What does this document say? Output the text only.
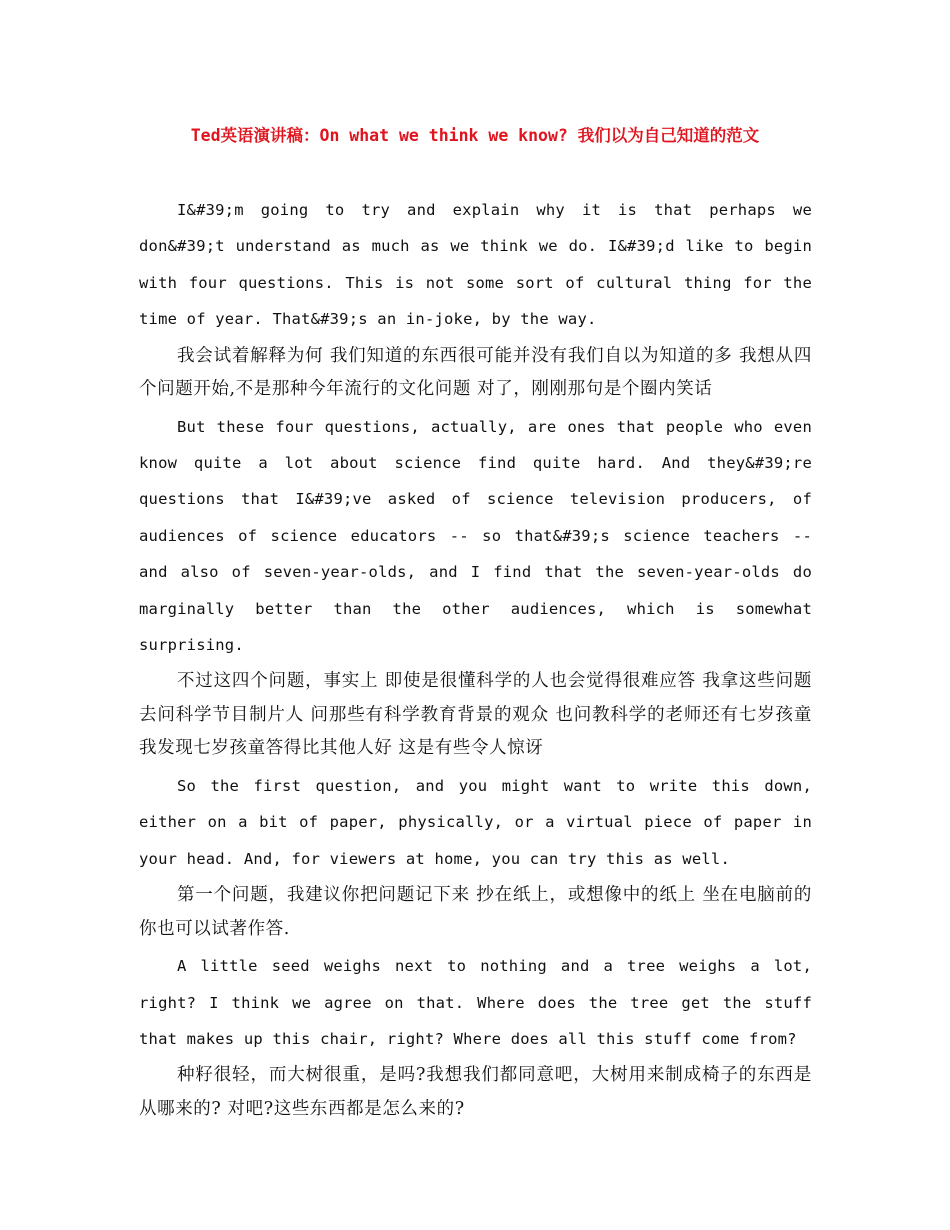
Ted英语演讲稿：On what we think we know? 我们以为自己知道的范文

I&#39;m going to try and explain why it is that perhaps we don&#39;t understand as much as we think we do. I&#39;d like to begin with four questions. This is not some sort of cultural thing for the time of year. That&#39;s an in-joke, by the way.

我会试着解释为何 我们知道的东西很可能并没有我们自以为知道的多 我想从四个问题开始,不是那种今年流行的文化问题 对了，刚刚那句是个圈内笑话

But these four questions, actually, are ones that people who even know quite a lot about science find quite hard. And they&#39;re questions that I&#39;ve asked of science television producers, of audiences of science educators -- so that&#39;s science teachers -- and also of seven-year-olds, and I find that the seven-year-olds do marginally better than the other audiences, which is somewhat surprising.

不过这四个问题，事实上 即使是很懂科学的人也会觉得很难应答 我拿这些问题去问科学节目制片人 问那些有科学教育背景的观众 也问教科学的老师还有七岁孩童 我发现七岁孩童答得比其他人好 这是有些令人惊讶

So the first question, and you might want to write this down, either on a bit of paper, physically, or a virtual piece of paper in your head. And, for viewers at home, you can try this as well.

第一个问题，我建议你把问题记下来 抄在纸上，或想像中的纸上 坐在电脑前的你也可以试著作答.

A little seed weighs next to nothing and a tree weighs a lot, right? I think we agree on that. Where does the tree get the stuff that makes up this chair, right? Where does all this stuff come from?

种籽很轻，而大树很重，是吗?我想我们都同意吧，大树用来制成椅子的东西是从哪来的? 对吧?这些东西都是怎么来的?
